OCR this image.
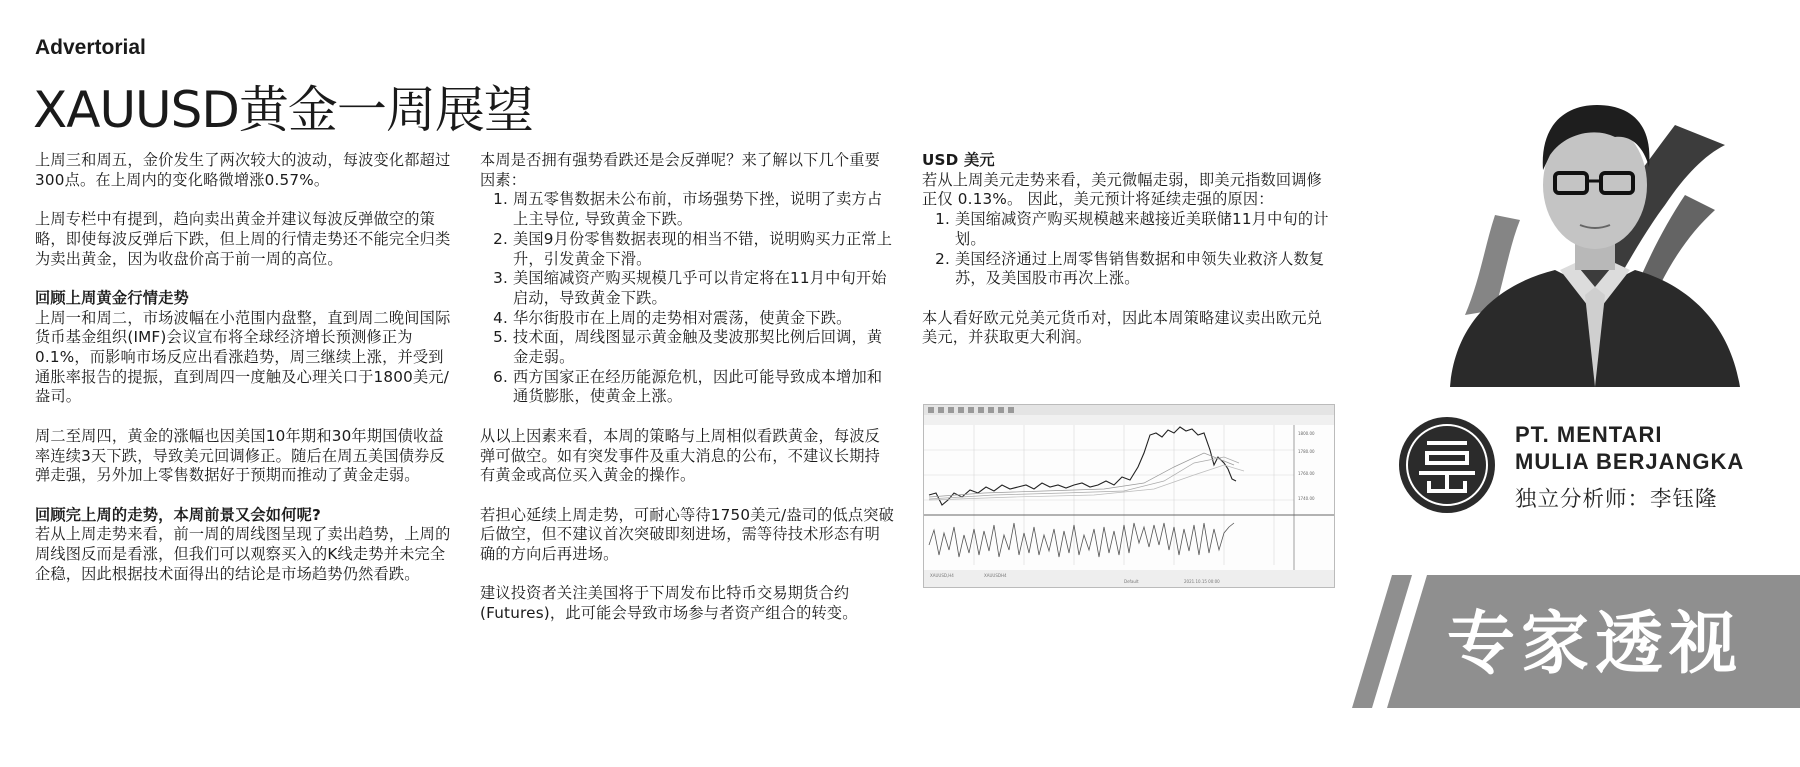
Advertorial
XAUUSD黄金一周展望

上周三和周五，金价发生了两次较大的波动，每波变化都超过300点。在上周内的变化略微增涨0.57%。

上周专栏中有提到，趋向卖出黄金并建议每波反弹做空的策略，即使每波反弹后下跌，但上周的行情走势还不能完全归类为卖出黄金，因为收盘价高于前一周的高位。

回顾上周黄金行情走势

上周一和周二，市场波幅在小范围内盘整，直到周二晚间国际货币基金组织(IMF)会议宣布将全球经济增长预测修正为 0.1%，而影响市场反应出看涨趋势，周三继续上涨，并受到通胀率报告的提振，直到周四一度触及心理关口于1800美元/盎司。

周二至周四，黄金的涨幅也因美国10年期和30年期国债收益率连续3天下跌，导致美元回调修正。随后在周五美国债券反弹走强，另外加上零售数据好于预期而推动了黄金走弱。

回顾完上周的走势，本周前景又会如何呢?

若从上周走势来看，前一周的周线图呈现了卖出趋势，上周的周线图反而是看涨，但我们可以观察买入的K线走势并未完全企稳，因此根据技术面得出的结论是市场趋势仍然看跌。

本周是否拥有强势看跌还是会反弹呢？来了解以下几个重要因素：

1. 周五零售数据未公布前，市场强势下挫，说明了卖方占上主导位, 导致黄金下跌。
2. 美国9月份零售数据表现的相当不错，说明购买力正常上升，引发黄金下滑。
3. 美国缩减资产购买规模几乎可以肯定将在11月中旬开始启动，导致黄金下跌。
4. 华尔街股市在上周的走势相对震荡，使黄金下跌。
5. 技术面，周线图显示黄金触及斐波那契比例后回调，黄金走弱。
6. 西方国家正在经历能源危机，因此可能导致成本增加和通货膨胀，使黄金上涨。

从以上因素来看，本周的策略与上周相似看跌黄金，每波反弹可做空。如有突发事件及重大消息的公布，不建议长期持有黄金或高位买入黄金的操作。

若担心延续上周走势，可耐心等待1750美元/盎司的低点突破后做空，但不建议首次突破即刻进场，需等待技术形态有明确的方向后再进场。

建议投资者关注美国将于下周发布比特币交易期货合约(Futures)，此可能会导致市场参与者资产组合的转变。

USD 美元

若从上周美元走势来看，美元微幅走弱，即美元指数回调修正仅 0.13%。 因此，美元预计将延续走强的原因：

1. 美国缩减资产购买规模越来越接近美联储11月中旬的计划。
2. 美国经济通过上周零售销售数据和申领失业救济人数复苏，及美国股市再次上涨。

本人看好欧元兑美元货币对，因此本周策略建议卖出欧元兑美元，并获取更大利润。

1800.00
1780.00
1760.00
1740.00
XAUUSD,H4	XAUUSDH4
Default	2021.10.15 00:00
PT. MENTARI
MULIA BERJANGKA
独立分析师：李钰隆
专家透视
